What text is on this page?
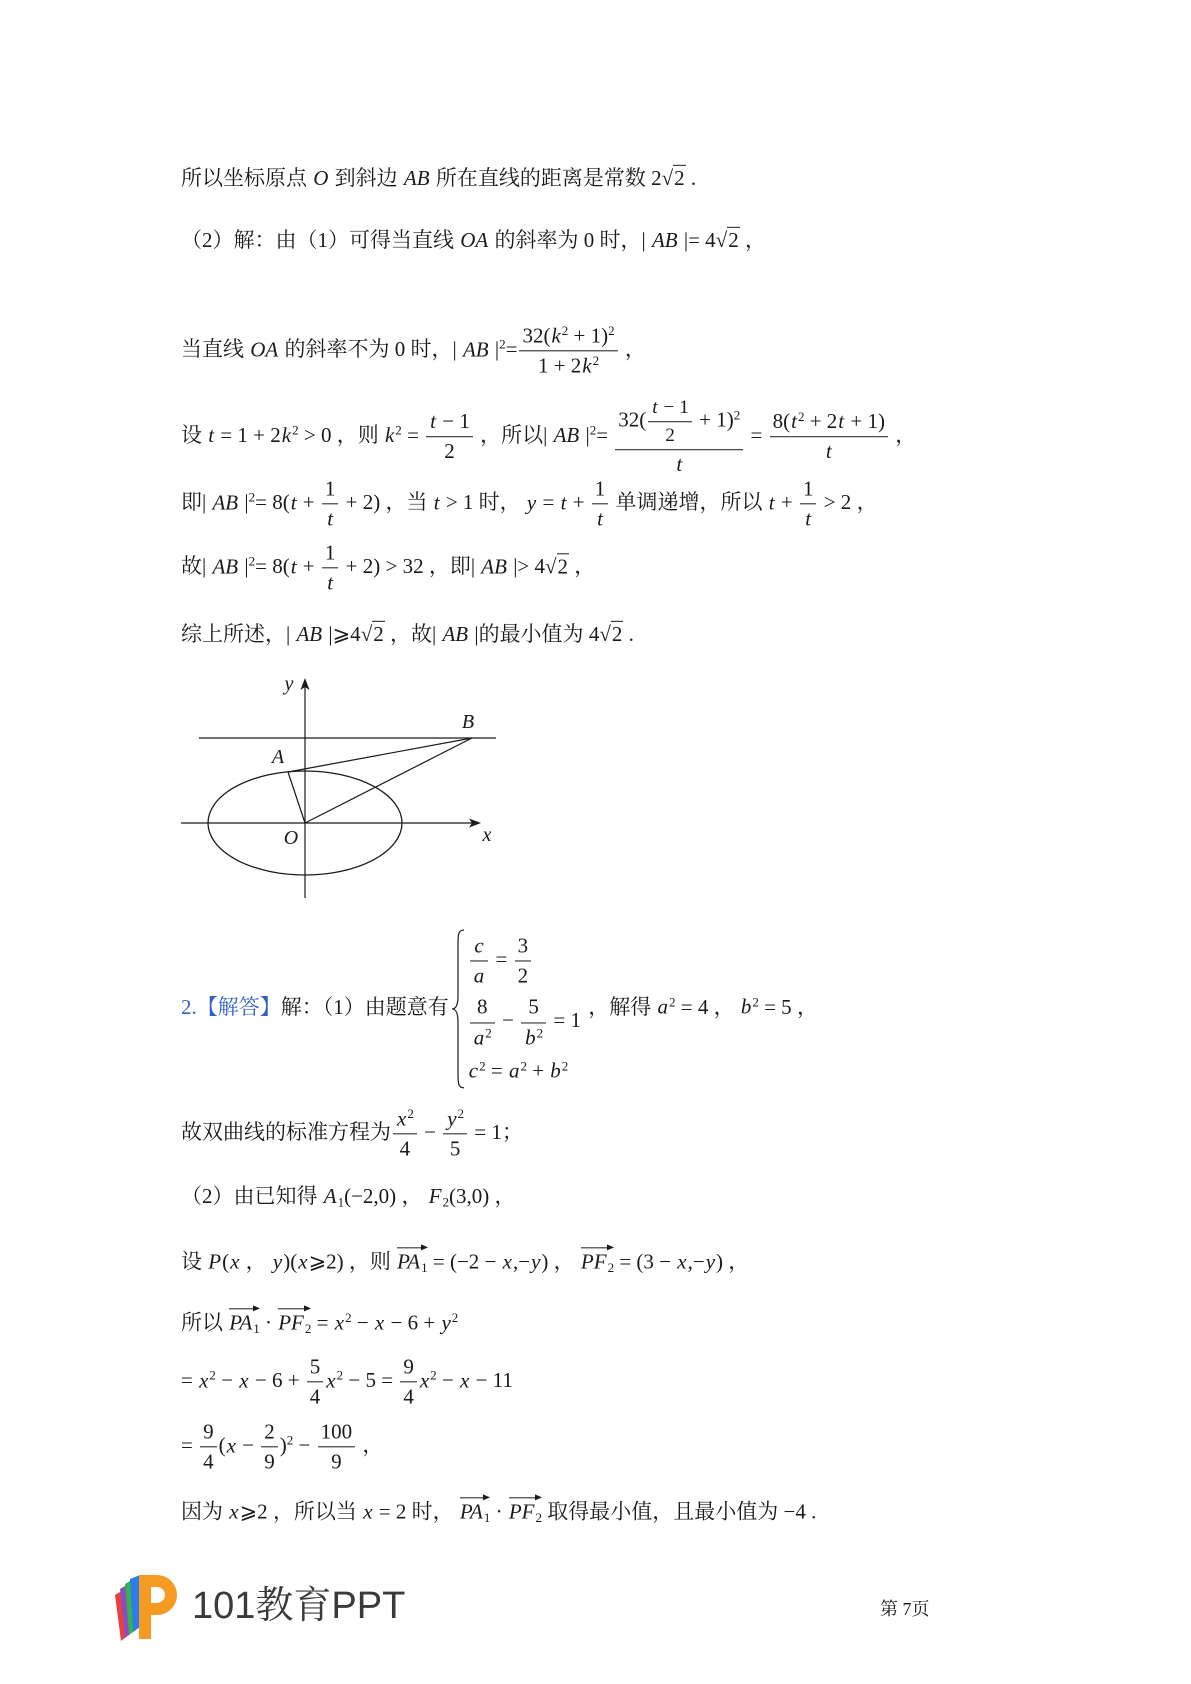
所以坐标原点 O 到斜边 AB 所在直线的距离是常数 2 √ 2 .
（2）解：由（1）可得当直线 OA 的斜率为 0 时，| AB |= 4 √ 2 ，
当直线 OA 的斜率不为 0 时，| AB $|^2= \frac{32(k^2 + 1)^2}{1 + 2k^2}$ ，
设 $t = 1 + 2k^2 > 0$ ，则 $k^2 = \frac{t - 1}{2}$ ，所以| AB $|^2= \frac{32( \frac{t - 1}{2} + 1)^2}{t} = \frac{8(t^2 + 2t + 1)}{t}$ ，
即| AB $|^2= 8(t + \frac{1}{t} + 2)$ ，当 t > 1 时， $y = t + \frac{1}{t}$ 单调递增，所以 $t + \frac{1}{t} > 2$ ，
故| AB $|^2= 8(t + \frac{1}{t} + 2) > 32$ ，即| AB |> 4 √ 2 ，
综上所述，| AB |⩾4 √ 2 ，故| AB |的最小值为 4 √ 2 .
y
B
A
O	x
2.【解答】解：（1）由题意有
$\frac{c}{a} = \frac{3}{2}$
$\frac{8}{a^2} - \frac{5}{b^2} = 1$
$c^2 = a^2 + b^2$
，解得 $a^2 = 4$ ， $b^2 = 5$ ，
故双曲线的标准方程为 $\frac{x^2}{4} - \frac{y^2}{5} = 1$；
（2）由已知得 $A_1(-2,0)$ ， $F_2(3,0)$ ，
设 P(x ， y)(x⩾2) ，则 $PA_1 = (-2 - x,-y)$ ， $PF_2 = (3 - x,-y)$ ，
所以 $PA_1 \cdot PF_2 = x^2 - x - 6 + y^2$
= $x^2 - x - 6 + \frac{5}{4} x^2 - 5 = \frac{9}{4} x^2 - x - 11$
= $\frac{9}{4} (x - \frac{2}{9} )^2 - \frac{100}{9}$ ，
因为 x⩾2 ，所以当 x = 2 时， $PA_1 \cdot PF_2$ 取得最小值，且最小值为 −4 .
101教育PPT	第 7页
